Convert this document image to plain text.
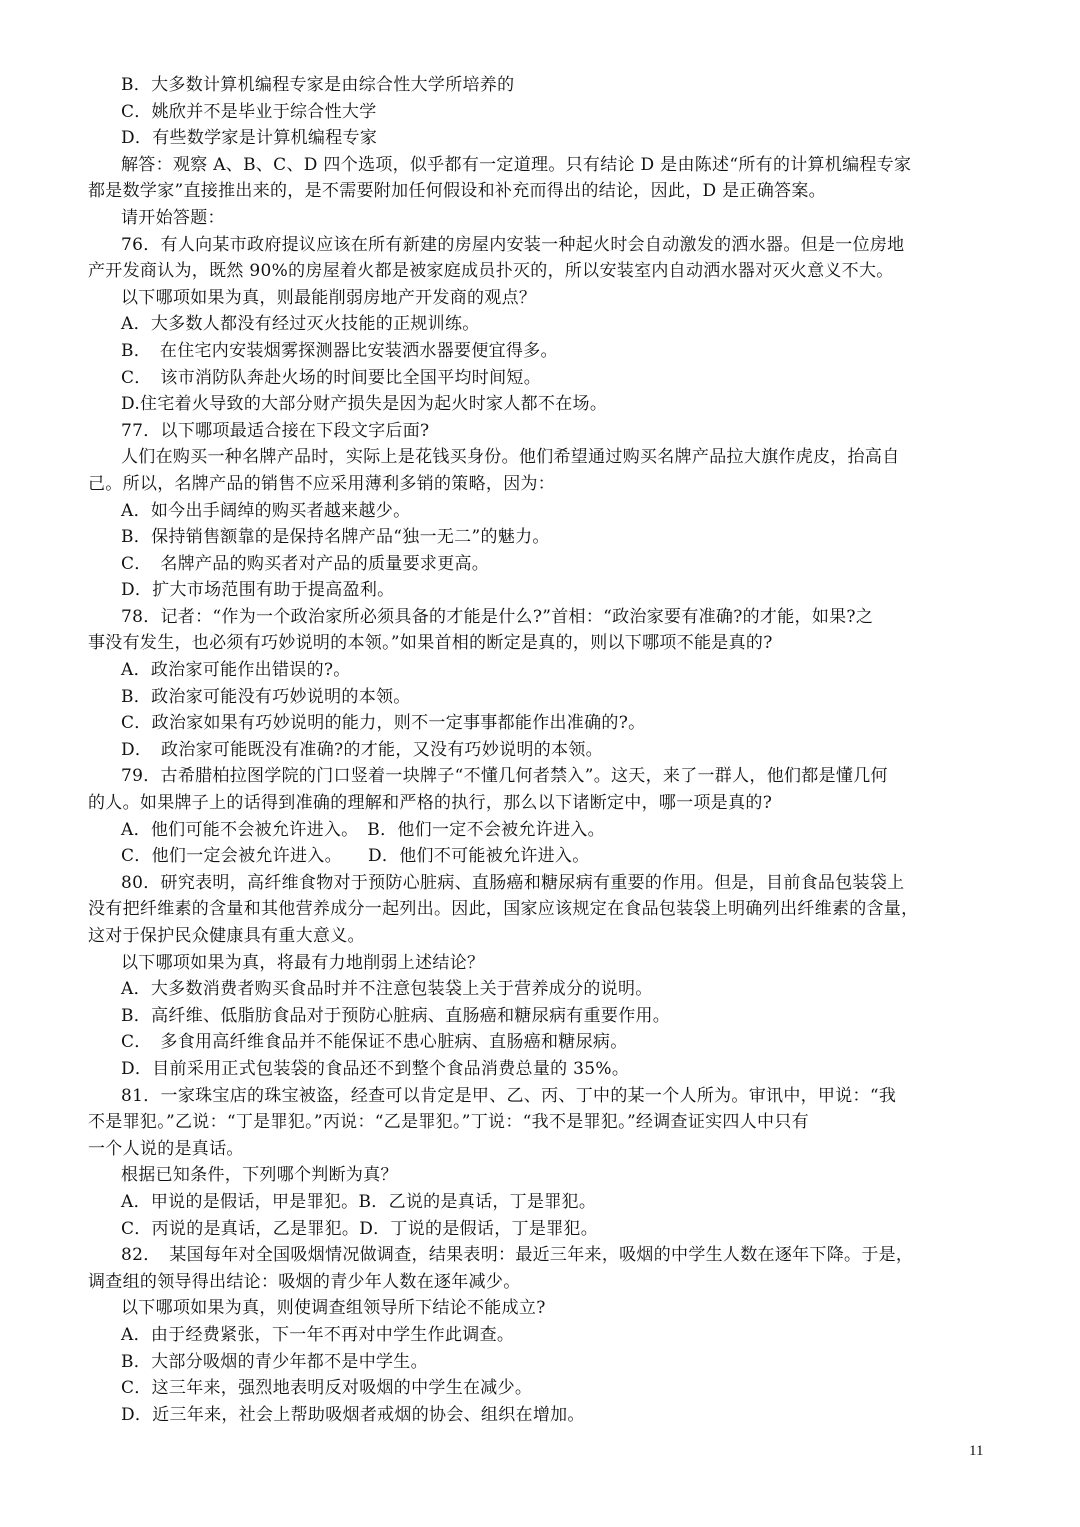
B．大多数计算机编程专家是由综合性大学所培养的
C．姚欣并不是毕业于综合性大学
D．有些数学家是计算机编程专家
解答：观察 A、B、C、D 四个选项，似乎都有一定道理。只有结论 D 是由陈述“所有的计算机编程专家
都是数学家”直接推出来的，是不需要附加任何假设和补充而得出的结论，因此，D 是正确答案。
请开始答题：
76．有人向某市政府提议应该在所有新建的房屋内安装一种起火时会自动激发的洒水器。但是一位房地
产开发商认为，既然 90%的房屋着火都是被家庭成员扑灭的，所以安装室内自动洒水器对灭火意义不大。
以下哪项如果为真，则最能削弱房地产开发商的观点？
A．大多数人都没有经过灭火技能的正规训练。
B．　在住宅内安装烟雾探测器比安装洒水器要便宜得多。
C．　该市消防队奔赴火场的时间要比全国平均时间短。
D.住宅着火导致的大部分财产损失是因为起火时家人都不在场。
77．以下哪项最适合接在下段文字后面?
人们在购买一种名牌产品时，实际上是花钱买身份。他们希望通过购买名牌产品拉大旗作虎皮，抬高自
己。所以，名牌产品的销售不应采用薄利多销的策略，因为：
A．如今出手阔绰的购买者越来越少。
B．保持销售额靠的是保持名牌产品“独一无二”的魅力。
C．　名牌产品的购买者对产品的质量要求更高。
D．扩大市场范围有助于提高盈利。
78．记者：“作为一个政治家所必须具备的才能是什么?”首相：“政治家要有准确?的才能，如果?之
事没有发生，也必须有巧妙说明的本领。”如果首相的断定是真的，则以下哪项不能是真的?
A．政治家可能作出错误的?。
B．政治家可能没有巧妙说明的本领。
C．政治家如果有巧妙说明的能力，则不一定事事都能作出准确的?。
D．　政治家可能既没有准确?的才能，又没有巧妙说明的本领。
79．古希腊柏拉图学院的门口竖着一块牌子“不懂几何者禁入”。这天，来了一群人，他们都是懂几何
的人。如果牌子上的话得到准确的理解和严格的执行，那么以下诸断定中，哪一项是真的?
A．他们可能不会被允许进入。　B．他们一定不会被允许进入。
C．他们一定会被允许进入。　　D．他们不可能被允许进入。
80．研究表明，高纤维食物对于预防心脏病、直肠癌和糖尿病有重要的作用。但是，目前食品包装袋上
没有把纤维素的含量和其他营养成分一起列出。因此，国家应该规定在食品包装袋上明确列出纤维素的含量，
这对于保护民众健康具有重大意义。
以下哪项如果为真，将最有力地削弱上述结论？
A．大多数消费者购买食品时并不注意包装袋上关于营养成分的说明。
B．高纤维、低脂肪食品对于预防心脏病、直肠癌和糖尿病有重要作用。
C．　多食用高纤维食品并不能保证不患心脏病、直肠癌和糖尿病。
D．目前采用正式包装袋的食品还不到整个食品消费总量的 35%。
81．一家珠宝店的珠宝被盗，经查可以肯定是甲、乙、丙、丁中的某一个人所为。审讯中，甲说：“我
不是罪犯。”乙说：“丁是罪犯。”丙说：“乙是罪犯。”丁说：“我不是罪犯。”经调查证实四人中只有
一个人说的是真话。
根据已知条件，下列哪个判断为真？
A．甲说的是假话，甲是罪犯。B．乙说的是真话，丁是罪犯。
C．丙说的是真话，乙是罪犯。D．丁说的是假话，丁是罪犯。
82．　某国每年对全国吸烟情况做调查，结果表明：最近三年来，吸烟的中学生人数在逐年下降。于是，
调查组的领导得出结论：吸烟的青少年人数在逐年减少。
以下哪项如果为真，则使调查组领导所下结论不能成立?
A．由于经费紧张，下一年不再对中学生作此调查。
B．大部分吸烟的青少年都不是中学生。
C．这三年来，强烈地表明反对吸烟的中学生在减少。
D．近三年来，社会上帮助吸烟者戒烟的协会、组织在增加。
11
